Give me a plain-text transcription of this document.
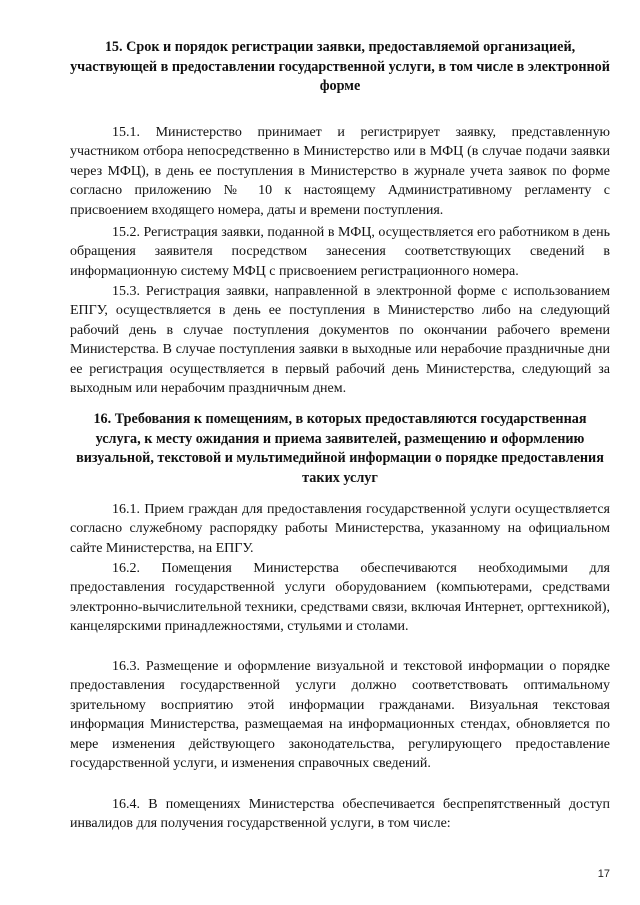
15. Срок и порядок регистрации заявки, предоставляемой организацией, участвующей в предоставлении государственной услуги, в том числе в электронной форме

15.1. Министерство принимает и регистрирует заявку, представленную участником отбора непосредственно в Министерство или в МФЦ (в случае подачи заявки через МФЦ), в день ее поступления в Министерство в журнале учета заявок по форме согласно приложению № 10 к настоящему Административному регламенту с присвоением входящего номера, даты и времени поступления.

15.2. Регистрация заявки, поданной в МФЦ, осуществляется его работником в день обращения заявителя посредством занесения соответствующих сведений в информационную систему МФЦ с присвоением регистрационного номера.

15.3. Регистрация заявки, направленной в электронной форме с использованием ЕПГУ, осуществляется в день ее поступления в Министерство либо на следующий рабочий день в случае поступления документов по окончании рабочего времени Министерства. В случае поступления заявки в выходные или нерабочие праздничные дни ее регистрация осуществляется в первый рабочий день Министерства, следующий за выходным или нерабочим праздничным днем.

16. Требования к помещениям, в которых предоставляются государственная услуга, к месту ожидания и приема заявителей, размещению и оформлению визуальной, текстовой и мультимедийной информации о порядке предоставления таких услуг

16.1. Прием граждан для предоставления государственной услуги осуществляется согласно служебному распорядку работы Министерства, указанному на официальном сайте Министерства, на ЕПГУ.

16.2. Помещения Министерства обеспечиваются необходимыми для предоставления государственной услуги оборудованием (компьютерами, средствами электронно-вычислительной техники, средствами связи, включая Интернет, оргтехникой), канцелярскими принадлежностями, стульями и столами.

16.3. Размещение и оформление визуальной и текстовой информации о порядке предоставления государственной услуги должно соответствовать оптимальному зрительному восприятию этой информации гражданами. Визуальная текстовая информация Министерства, размещаемая на информационных стендах, обновляется по мере изменения действующего законодательства, регулирующего предоставление государственной услуги, и изменения справочных сведений.

16.4. В помещениях Министерства обеспечивается беспрепятственный доступ инвалидов для получения государственной услуги, в том числе:

17
